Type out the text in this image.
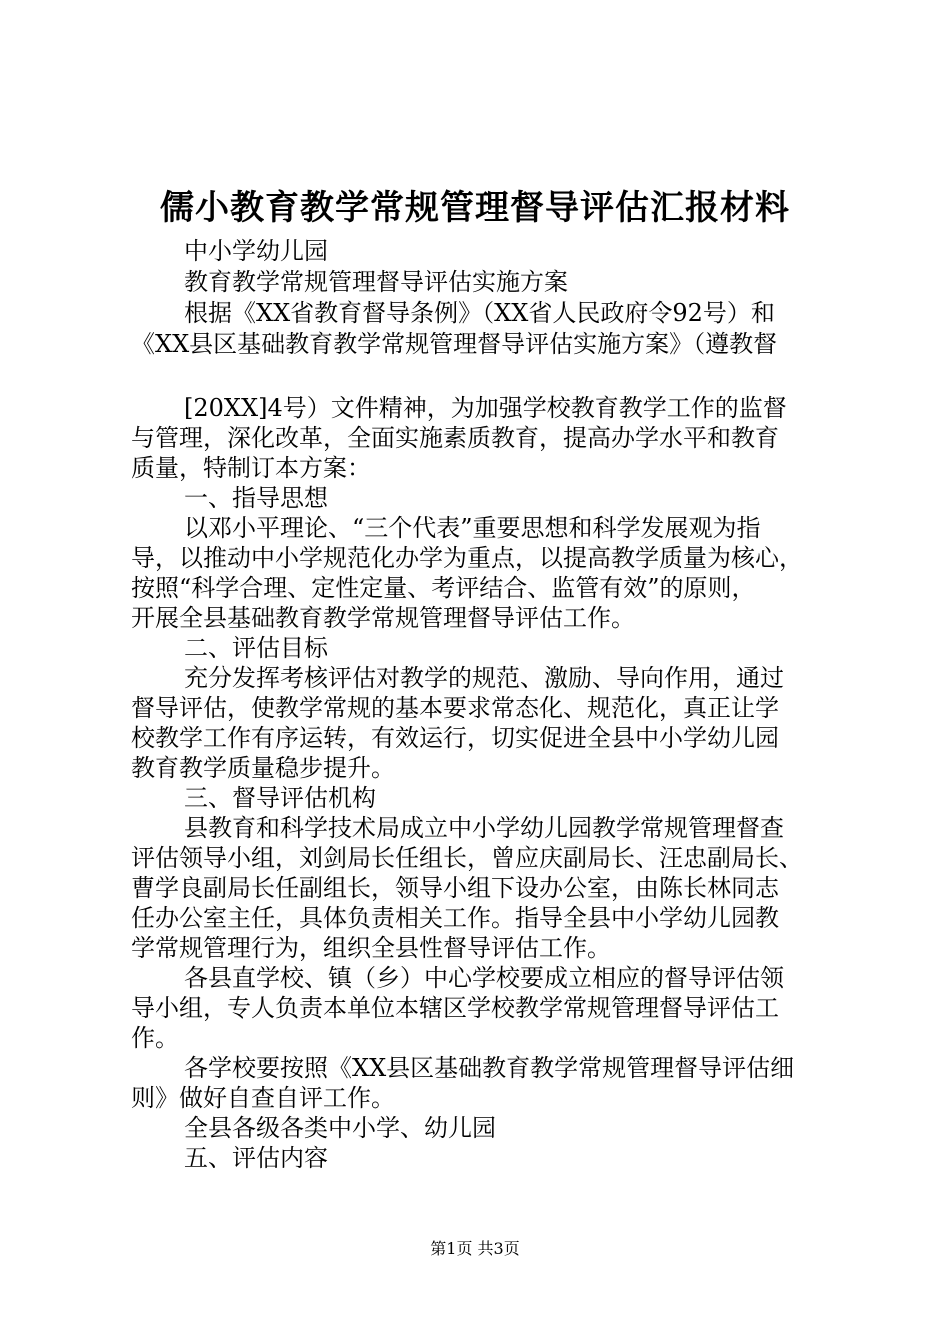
儒小教育教学常规管理督导评估汇报材料
中小学幼儿园
教育教学常规管理督导评估实施方案
根据《XX省教育督导条例》（XX省人民政府令92号）和
《XX县区基础教育教学常规管理督导评估实施方案》（遵教督
[20XX]4号）文件精神，为加强学校教育教学工作的监督
与管理，深化改革，全面实施素质教育，提高办学水平和教育
质量，特制订本方案：
一、指导思想
以邓小平理论、“三个代表”重要思想和科学发展观为指
导，以推动中小学规范化办学为重点，以提高教学质量为核心，
按照“科学合理、定性定量、考评结合、监管有效”的原则，
开展全县基础教育教学常规管理督导评估工作。
二、评估目标
充分发挥考核评估对教学的规范、激励、导向作用，通过
督导评估，使教学常规的基本要求常态化、规范化，真正让学
校教学工作有序运转，有效运行，切实促进全县中小学幼儿园
教育教学质量稳步提升。
三、督导评估机构
县教育和科学技术局成立中小学幼儿园教学常规管理督查
评估领导小组，刘剑局长任组长，曾应庆副局长、汪忠副局长、
曹学良副局长任副组长，领导小组下设办公室，由陈长林同志
任办公室主任，具体负责相关工作。指导全县中小学幼儿园教
学常规管理行为，组织全县性督导评估工作。
各县直学校、镇（乡）中心学校要成立相应的督导评估领
导小组，专人负责本单位本辖区学校教学常规管理督导评估工
作。
各学校要按照《XX县区基础教育教学常规管理督导评估细
则》做好自查自评工作。
全县各级各类中小学、幼儿园
五、评估内容
第1页 共3页
